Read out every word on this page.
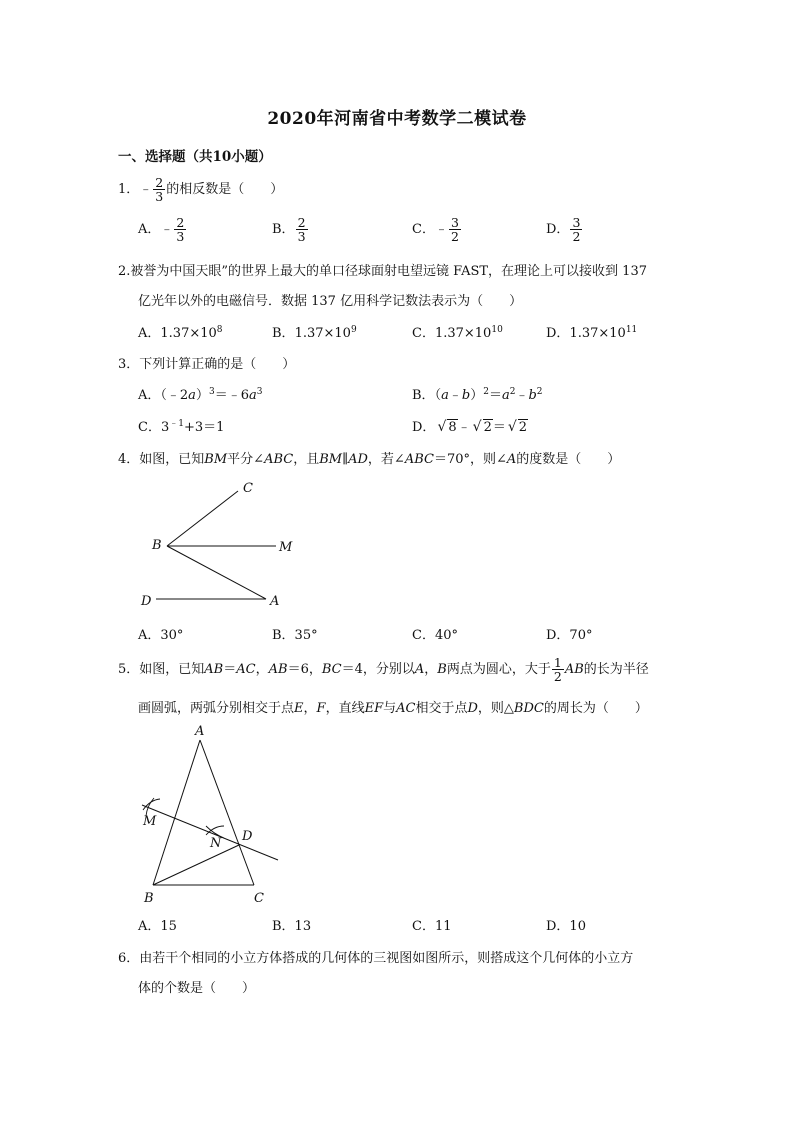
2020年河南省中考数学二模试卷
一、选择题（共10小题）
1．﹣ $\frac{2}{3}$ 的相反数是（　　）
A．﹣ $\frac{2}{3}$	B． $\frac{2}{3}$	C．﹣ $\frac{3}{2}$	D． $\frac{3}{2}$
2.被誉为中国天眼”的世界上最大的单口径球面射电望远镜 FAST，在理论上可以接收到 137
亿光年以外的电磁信号．数据 137 亿用科学记数法表示为（　　）
A．$1.37\times 10^8$	B．$1.37\times 10^9$	C．$1.37\times 10^{10}$	D．$1.37\times 10^{11}$
3．下列计算正确的是（　　）
A．$(﹣2a)^3=﹣6a^3$	B．$(a﹣b)^2=a^2﹣b^2$
C．$3^{﹣1}+3=1$	D． √ 8﹣ √ 2＝ √ 2
4．如图，已知BM平分∠ABC，且BM∥AD，若∠ABC＝70°，则∠A的度数是（　　）
C
B	M
D	A
A．30°	B．35°	C．40°	D．70°
5．如图，已知AB＝AC，AB＝6，BC＝4，分别以A，B两点为圆心，大于 $\frac{1}{2}$ AB的长为半径
画圆弧，两弧分别相交于点E，F，直线EF与AC相交于点D，则△BDC的周长为（　　）
A
M
N D
B	C
A．15	B．13	C．11	D．10
6．由若干个相同的小立方体搭成的几何体的三视图如图所示，则搭成这个几何体的小立方
体的个数是（　　）
